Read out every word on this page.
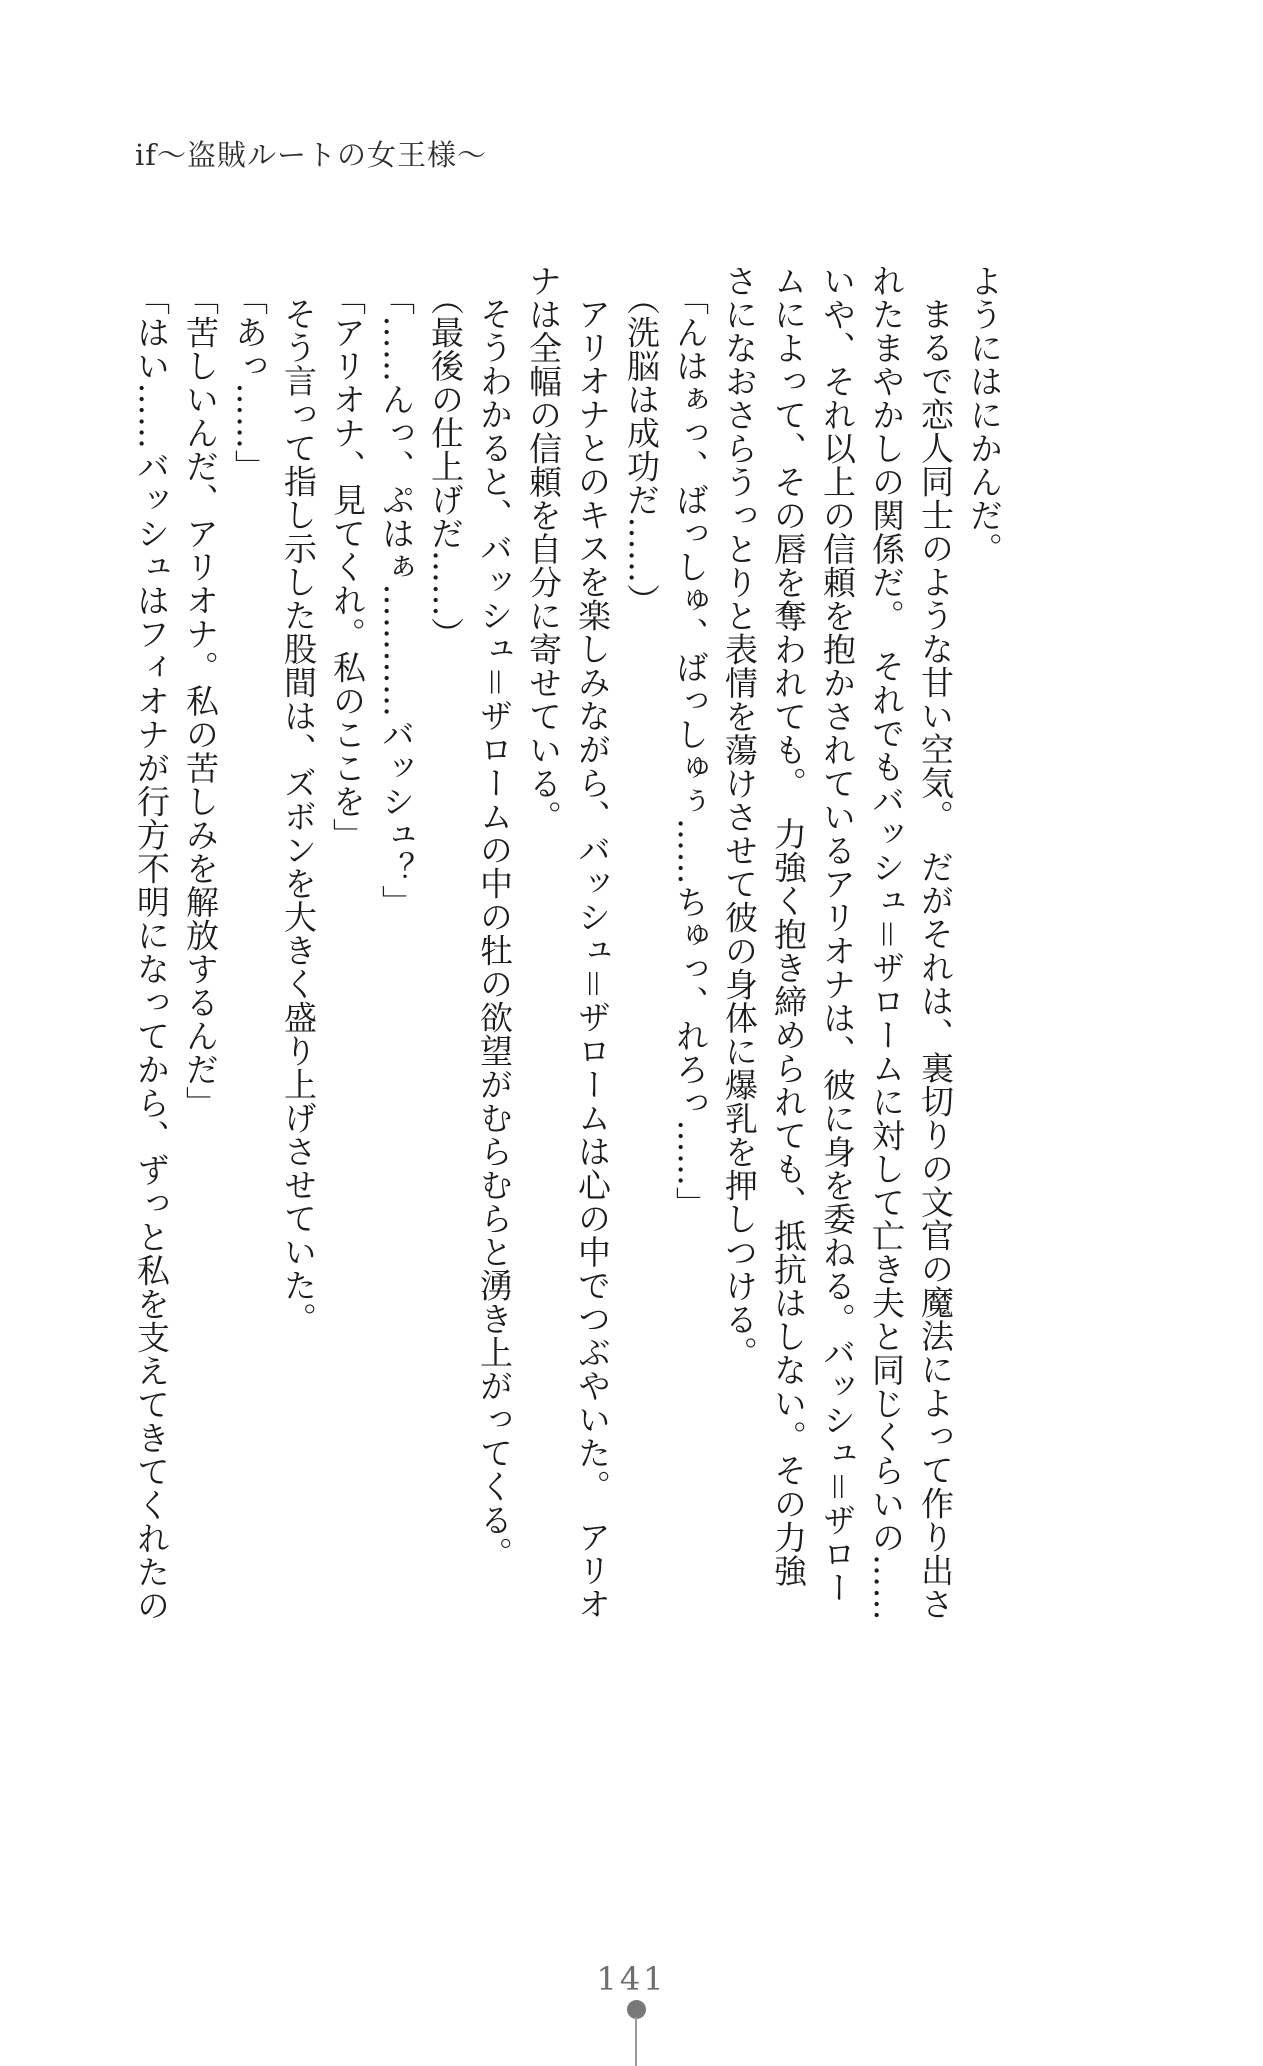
if〜盗賊ルートの女王様〜

ようにはにかんだ。

まるで恋人同士のような甘い空気。　だがそれは、裏切りの文官の魔法によって作り出さ

れたまやかしの関係だ。　それでもバッシュ＝ザロームに対して亡き夫と同じくらいの……

いや、それ以上の信頼を抱かされているアリオナは、彼に身を委ねる。バッシュ＝ザロー

ムによって、その唇を奪われても。　力強く抱き締められても、抵抗はしない。その力強

さになおさらうっとりと表情を蕩けさせて彼の身体に爆乳を押しつける。

「んはぁっ、ばっしゅ、ばっしゅぅ……ちゅっ、れろっ……」

（洗脳は成功だ……）

アリオナとのキスを楽しみながら、バッシュ＝ザロームは心の中でつぶやいた。　アリオ

ナは全幅の信頼を自分に寄せている。

そうわかると、バッシュ＝ザロームの中の牡の欲望がむらむらと湧き上がってくる。

（最後の仕上げだ……）

「……んっ、ぷはぁ…………バッシュ？」

「アリオナ、見てくれ。私のここを」

そう言って指し示した股間は、ズボンを大きく盛り上げさせていた。

「あっ……」

「苦しいんだ、アリオナ。私の苦しみを解放するんだ」

「はい……バッシュはフィオナが行方不明になってから、ずっと私を支えてきてくれたの

141
